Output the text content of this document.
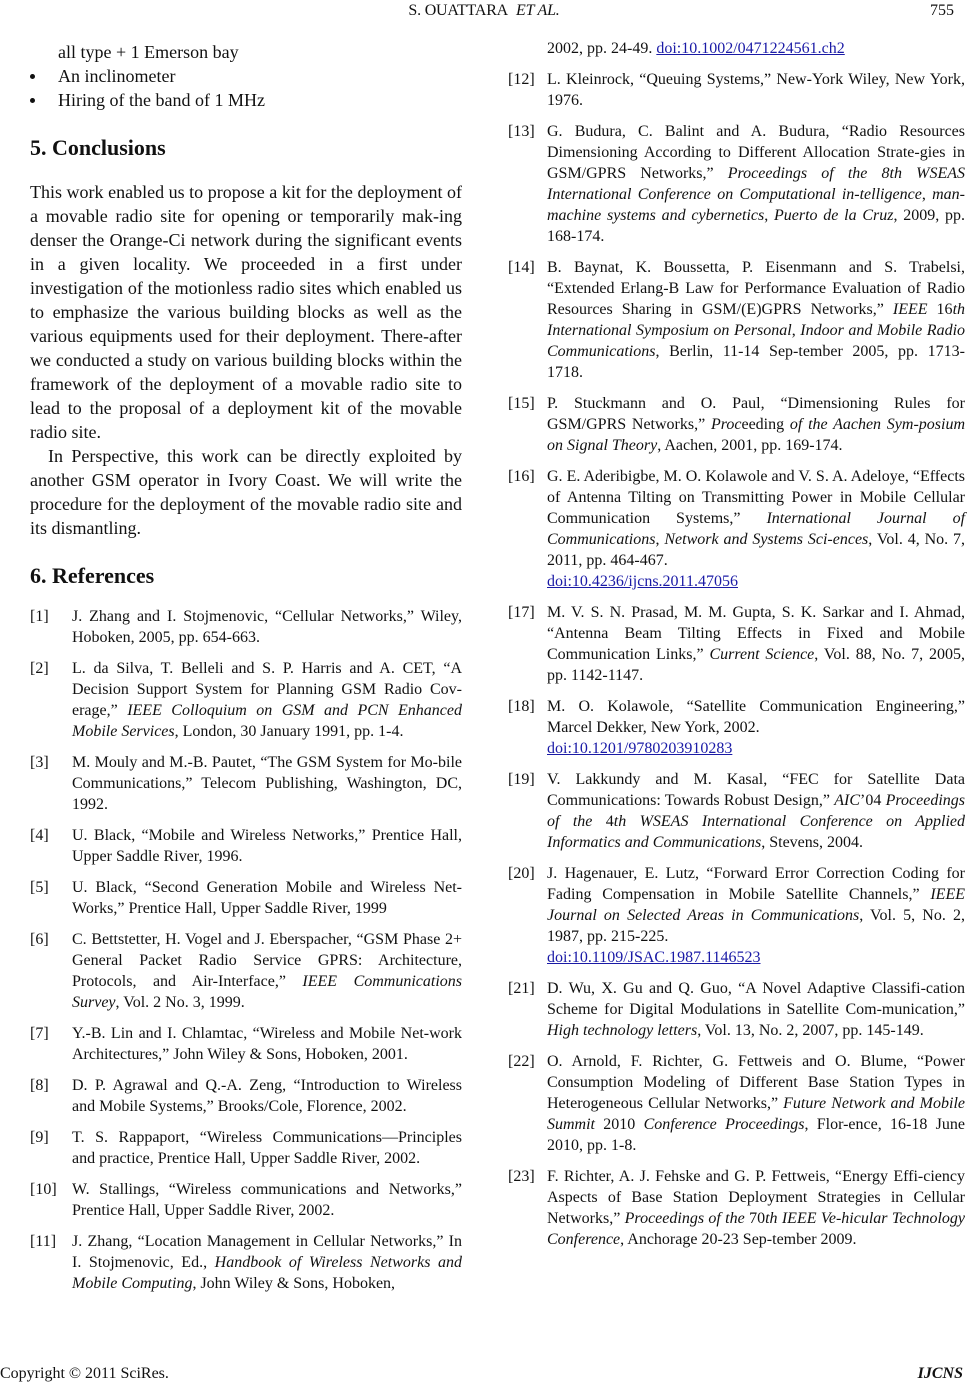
S. OUATTARA ET AL.	755
all type + 1 Emerson bay
An inclinometer
Hiring of the band of 1 MHz
5. Conclusions

This work enabled us to propose a kit for the deployment of a movable radio site for opening or temporarily mak-ing denser the Orange-Ci network during the significant events in a given locality. We proceeded in a first under investigation of the motionless radio sites which enabled us to emphasize the various building blocks as well as the various equipments used for their deployment. There-after we conducted a study on various building blocks within the framework of the deployment of a movable radio site to lead to the proposal of a deployment kit of the movable radio site.

In Perspective, this work can be directly exploited by another GSM operator in Ivory Coast. We will write the procedure for the deployment of the movable radio site and its dismantling.

6. References
[1]	J. Zhang and I. Stojmenovic, “Cellular Networks,” Wiley, Hoboken, 2005, pp. 654-663.
[2]	L. da Silva, T. Belleli and S. P. Harris and A. CET, “A Decision Support System for Planning GSM Radio Cov-erage,” IEEE Colloquium on GSM and PCN Enhanced Mobile Services, London, 30 January 1991, pp. 1-4.
[3]	M. Mouly and M.-B. Pautet, “The GSM System for Mo-bile Communications,” Telecom Publishing, Washington, DC, 1992.
[4]	U. Black, “Mobile and Wireless Networks,” Prentice Hall, Upper Saddle River, 1996.
[5]	U. Black, “Second Generation Mobile and Wireless Net-Works,” Prentice Hall, Upper Saddle River, 1999
[6]	C. Bettstetter, H. Vogel and J. Eberspacher, “GSM Phase 2+ General Packet Radio Service GPRS: Architecture, Protocols, and Air-Interface,” IEEE Communications Survey, Vol. 2 No. 3, 1999.
[7]	Y.-B. Lin and I. Chlamtac, “Wireless and Mobile Net-work Architectures,” John Wiley & Sons, Hoboken, 2001.
[8]	D. P. Agrawal and Q.-A. Zeng, “Introduction to Wireless and Mobile Systems,” Brooks/Cole, Florence, 2002.
[9]	T. S. Rappaport, “Wireless Communications—Principles and practice, Prentice Hall, Upper Saddle River, 2002.
[10] W. Stallings, “Wireless communications and Networks,” Prentice Hall, Upper Saddle River, 2002.
[11] J. Zhang, “Location Management in Cellular Networks,” In I. Stojmenovic, Ed., Handbook of Wireless Networks and Mobile Computing, John Wiley & Sons, Hoboken,
2002, pp. 24-49. doi:10.1002/0471224561.ch2
[12] L. Kleinrock, “Queuing Systems,” New-York Wiley, New York, 1976.
[13] G. Budura, C. Balint and A. Budura, “Radio Resources Dimensioning According to Different Allocation Strate-gies in GSM/GPRS Networks,” Proceedings of the 8th WSEAS International Conference on Computational in-telligence, man-machine systems and cybernetics, Puerto de la Cruz, 2009, pp. 168-174.
[14] B. Baynat, K. Boussetta, P. Eisenmann and S. Trabelsi, “Extended Erlang-B Law for Performance Evaluation of Radio Resources Sharing in GSM/(E)GPRS Networks,” IEEE 16th International Symposium on Personal, Indoor and Mobile Radio Communications, Berlin, 11-14 Sep-tember 2005, pp. 1713-1718.
[15] P. Stuckmann and O. Paul, “Dimensioning Rules for GSM/GPRS Networks,” Proceeding of the Aachen Sym-posium on Signal Theory, Aachen, 2001, pp. 169-174.
[16] G. E. Aderibigbe, M. O. Kolawole and V. S. A. Adeloye, “Effects of Antenna Tilting on Transmitting Power in Mobile Cellular Communication Systems,” International Journal of Communications, Network and Systems Sci-ences, Vol. 4, No. 7, 2011, pp. 464-467.
doi:10.4236/ijcns.2011.47056
[17] M. V. S. N. Prasad, M. M. Gupta, S. K. Sarkar and I. Ahmad, “Antenna Beam Tilting Effects in Fixed and Mobile Communication Links,” Current Science, Vol. 88, No. 7, 2005, pp. 1142-1147.
[18] M. O. Kolawole, “Satellite Communication Engineering,” Marcel Dekker, New York, 2002.
doi:10.1201/9780203910283
[19] V. Lakkundy and M. Kasal, “FEC for Satellite Data Communications: Towards Robust Design,” AIC’04 Proceedings of the 4th WSEAS International Conference on Applied Informatics and Communications, Stevens, 2004.
[20] J. Hagenauer, E. Lutz, “Forward Error Correction Coding for Fading Compensation in Mobile Satellite Channels,” IEEE Journal on Selected Areas in Communications, Vol. 5, No. 2, 1987, pp. 215-225.
doi:10.1109/JSAC.1987.1146523
[21] D. Wu, X. Gu and Q. Guo, “A Novel Adaptive Classifi-cation Scheme for Digital Modulations in Satellite Com-munication,” High technology letters, Vol. 13, No. 2, 2007, pp. 145-149.
[22] O. Arnold, F. Richter, G. Fettweis and O. Blume, “Power Consumption Modeling of Different Base Station Types in Heterogeneous Cellular Networks,” Future Network and Mobile Summit 2010 Conference Proceedings, Flor-ence, 16-18 June 2010, pp. 1-8.
[23] F. Richter, A. J. Fehske and G. P. Fettweis, “Energy Effi-ciency Aspects of Base Station Deployment Strategies in Cellular Networks,” Proceedings of the 70th IEEE Ve-hicular Technology Conference, Anchorage 20-23 Sep-tember 2009.
Copyright © 2011 SciRes.	IJCNS
